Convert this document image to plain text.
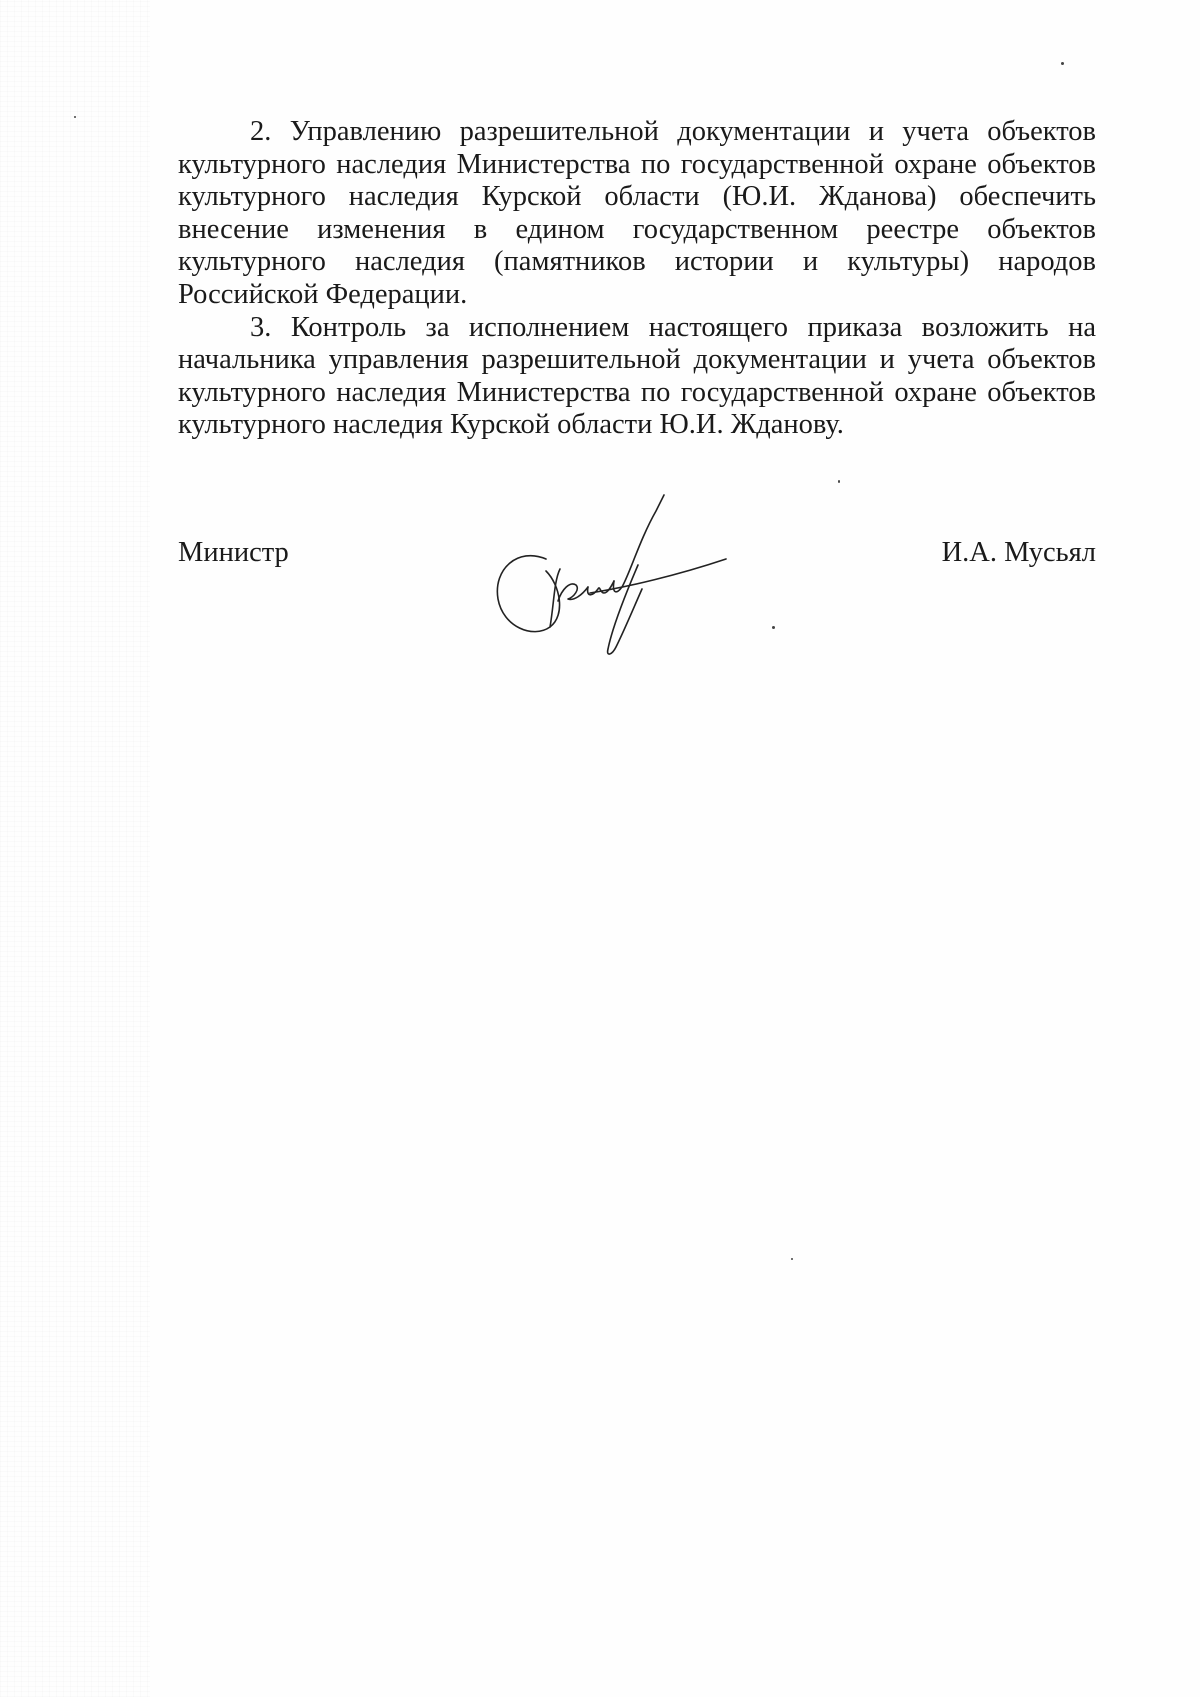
2. Управлению разрешительной документации и учета объектов культурного наследия Министерства по государственной охране объектов культурного наследия Курской области (Ю.И. Жданова) обеспечить внесение изменения в едином государственном реестре объектов культурного наследия (памятников истории и культуры) народов Российской Федерации.

3. Контроль за исполнением настоящего приказа возложить на начальника управления разрешительной документации и учета объектов культурного наследия Министерства по государственной охране объектов культурного наследия Курской области Ю.И. Жданову.

Министр	И.А. Мусьял
